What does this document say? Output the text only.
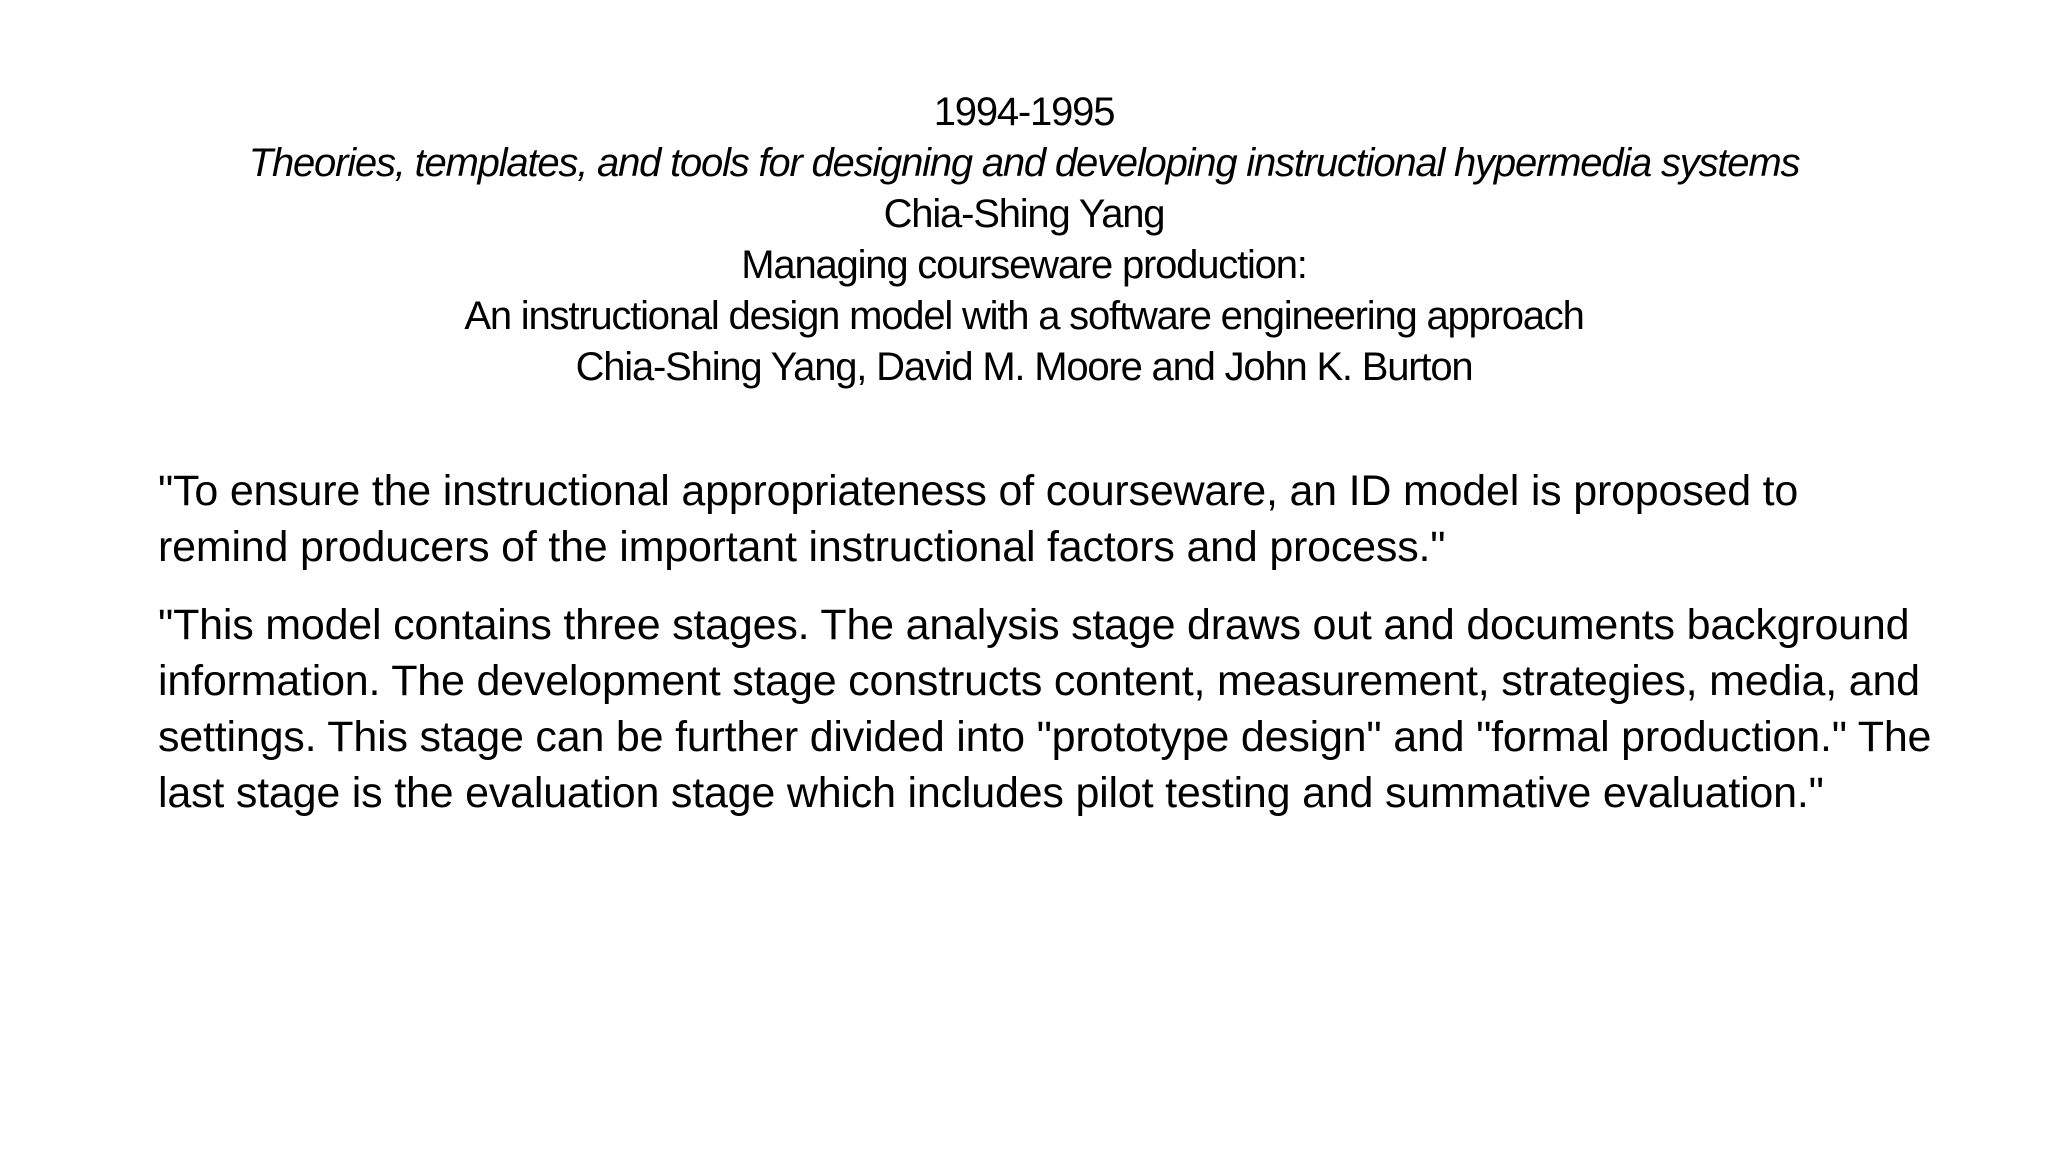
1994-1995
Theories, templates, and tools for designing and developing instructional hypermedia systems
Chia-Shing Yang
Managing courseware production:
An instructional design model with a software engineering approach
Chia-Shing Yang, David M. Moore and John K. Burton

"To ensure the instructional appropriateness of courseware, an ID model is proposed to remind producers of the important instructional factors and process."

"This model contains three stages. The analysis stage draws out and documents background information. The development stage constructs content, measurement, strategies, media, and settings. This stage can be further divided into "prototype design" and "formal production." The last stage is the evaluation stage which includes pilot testing and summative evaluation."
